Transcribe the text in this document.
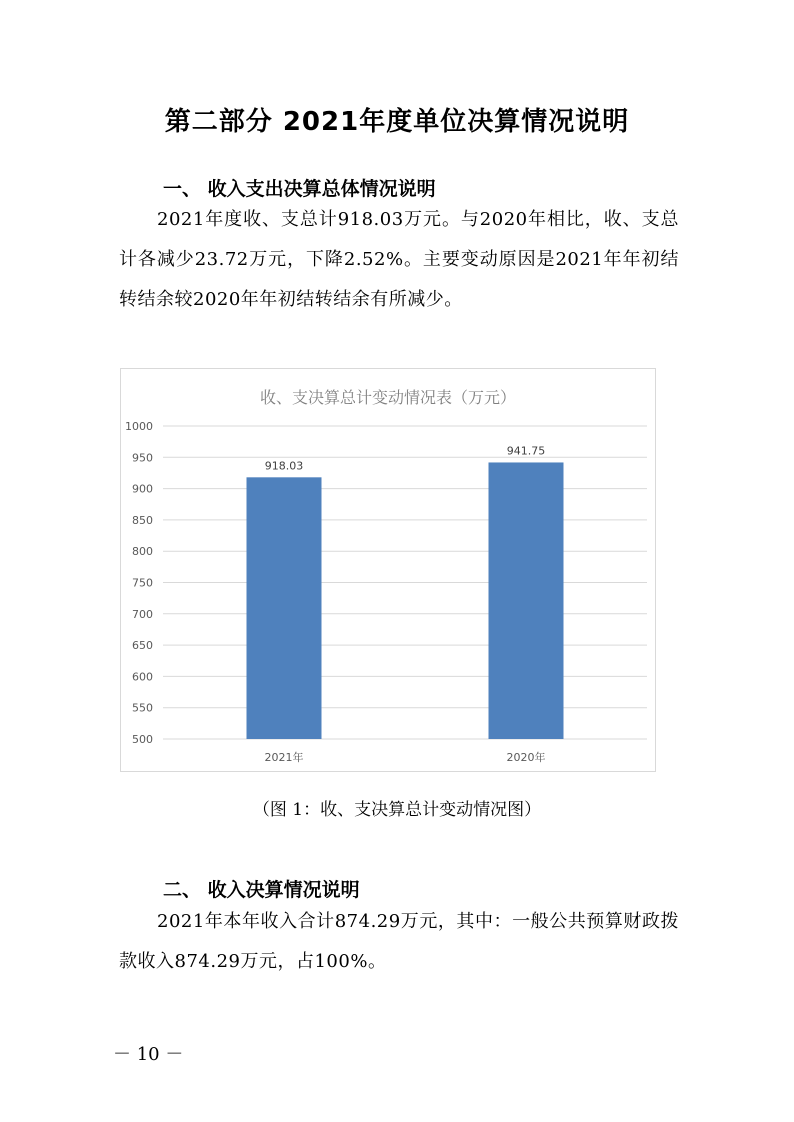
第二部分 2021年度单位决算情况说明
一、 收入支出决算总体情况说明

2021年度收、支总计918.03万元。与2020年相比，收、支总计各减少23.72万元，下降2.52%。主要变动原因是2021年年初结转结余较2020年年初结转结余有所减少。

收、支决算总计变动情况表（万元）
500
550
600
650
700
750
800
850
900
950
1000
918.03
941.75
2021年	2020年
（图 1：收、支决算总计变动情况图）
二、 收入决算情况说明

2021年本年收入合计874.29万元，其中：一般公共预算财政拨款收入874.29万元，占100%。

－ 10 －
